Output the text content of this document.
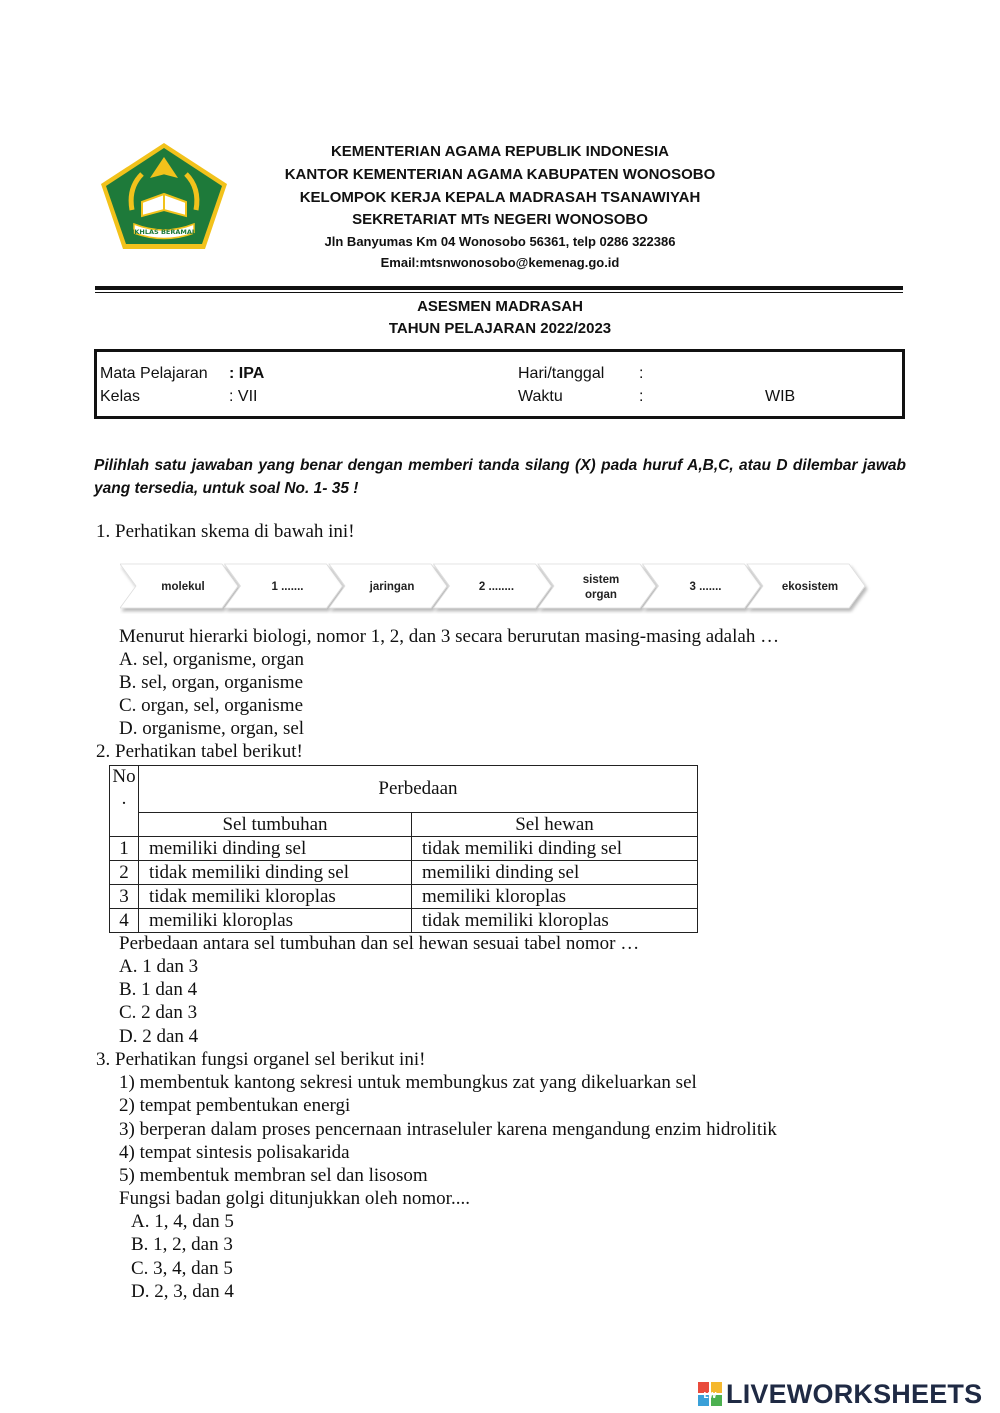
IKHLAS BERAMAL
KEMENTERIAN AGAMA REPUBLIK INDONESIA
KANTOR KEMENTERIAN AGAMA KABUPATEN WONOSOBO
KELOMPOK KERJA KEPALA MADRASAH TSANAWIYAH
SEKRETARIAT MTs NEGERI WONOSOBO
Jln Banyumas Km 04 Wonosobo 56361, telp 0286 322386
Email:mtsnwonosobo@kemenag.go.id
ASESMEN MADRASAH
TAHUN PELAJARAN 2022/2023
Mata Pelajaran : IPA
Kelas	: VII
Hari/tanggal :
Waktu	:	WIB
Pilihlah satu jawaban yang benar dengan memberi tanda silang (X) pada huruf A,B,C, atau D dilembar jawab yang tersedia, untuk soal No. 1- 35 !
1. Perhatikan skema di bawah ini!
molekul	1 .......	jaringan	2 ........
sistem
organ
3 .......	ekosistem
Menurut hierarki biologi, nomor 1, 2, dan 3 secara berurutan masing-masing adalah …
A. sel, organisme, organ
B. sel, organ, organisme
C. organ, sel, organisme
D. organisme, organ, sel
2. Perhatikan tabel berikut!
No
.	Perbedaan	
	Sel tumbuhan	Sel hewan
1	memiliki dinding sel	tidak memiliki dinding sel
2	tidak memiliki dinding sel	memiliki dinding sel
3	tidak memiliki kloroplas	memiliki kloroplas
4	memiliki kloroplas	tidak memiliki kloroplas
Perbedaan antara sel tumbuhan dan sel hewan sesuai tabel nomor …
A. 1 dan 3
B. 1 dan 4
C. 2 dan 3
D. 2 dan 4
3. Perhatikan fungsi organel sel berikut ini!
1) membentuk kantong sekresi untuk membungkus zat yang dikeluarkan sel
2) tempat pembentukan energi
3) berperan dalam proses pencernaan intraseluler karena mengandung enzim hidrolitik
4) tempat sintesis polisakarida
5) membentuk membran sel dan lisosom
Fungsi badan golgi ditunjukkan oleh nomor....
A. 1, 4, dan 5
B. 1, 2, dan 3
C. 3, 4, dan 5
D. 2, 3, dan 4
LW LIVEWORKSHEETS
